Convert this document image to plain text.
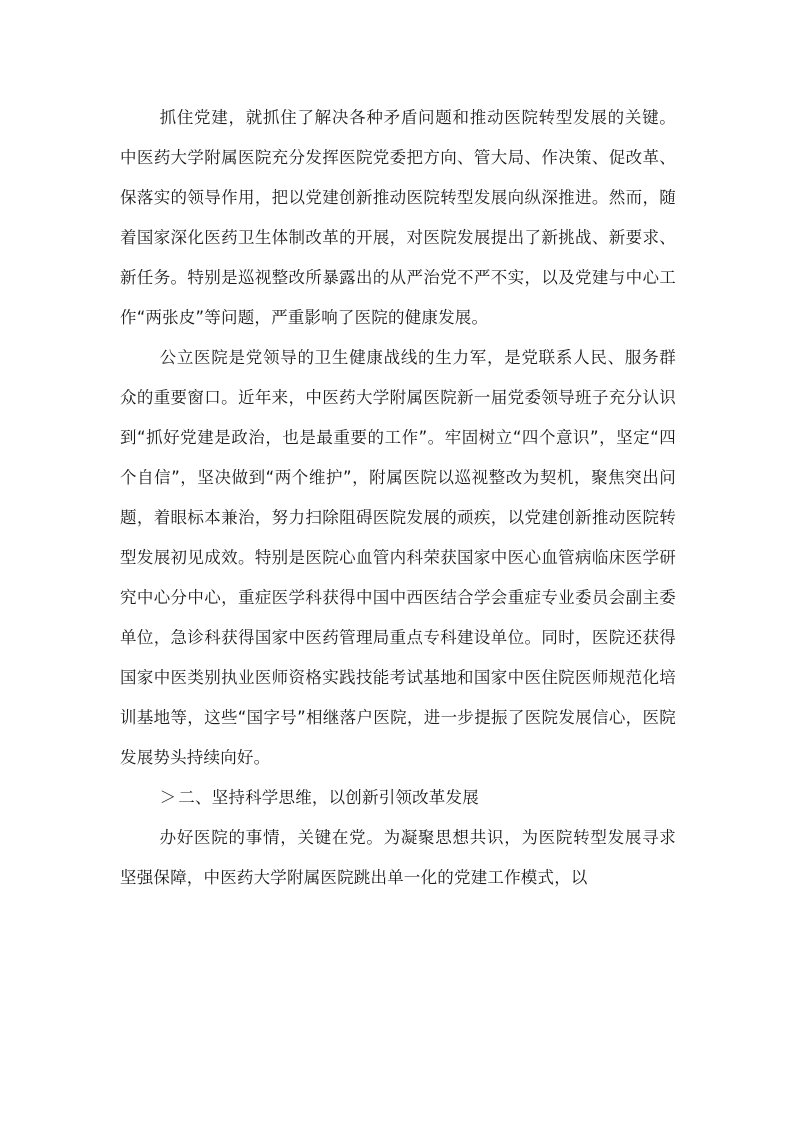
抓住党建，就抓住了解决各种矛盾问题和推动医院转型发展的关键。中医药大学附属医院充分发挥医院党委把方向、管大局、作决策、促改革、保落实的领导作用，把以党建创新推动医院转型发展向纵深推进。然而，随着国家深化医药卫生体制改革的开展，对医院发展提出了新挑战、新要求、新任务。特别是巡视整改所暴露出的从严治党不严不实，以及党建与中心工作“两张皮”等问题，严重影响了医院的健康发展。

公立医院是党领导的卫生健康战线的生力军，是党联系人民、服务群众的重要窗口。近年来，中医药大学附属医院新一届党委领导班子充分认识到“抓好党建是政治，也是最重要的工作”。牢固树立“四个意识”，坚定“四个自信”，坚决做到“两个维护”，附属医院以巡视整改为契机，聚焦突出问题，着眼标本兼治，努力扫除阻碍医院发展的顽疾，以党建创新推动医院转型发展初见成效。特别是医院心血管内科荣获国家中医心血管病临床医学研究中心分中心，重症医学科获得中国中西医结合学会重症专业委员会副主委单位，急诊科获得国家中医药管理局重点专科建设单位。同时，医院还获得国家中医类别执业医师资格实践技能考试基地和国家中医住院医师规范化培训基地等，这些“国字号”相继落户医院，进一步提振了医院发展信心，医院发展势头持续向好。

＞ 二、坚持科学思维，以创新引领改革发展

办好医院的事情，关键在党。为凝聚思想共识，为医院转型发展寻求坚强保障，中医药大学附属医院跳出单一化的党建工作模式，以
